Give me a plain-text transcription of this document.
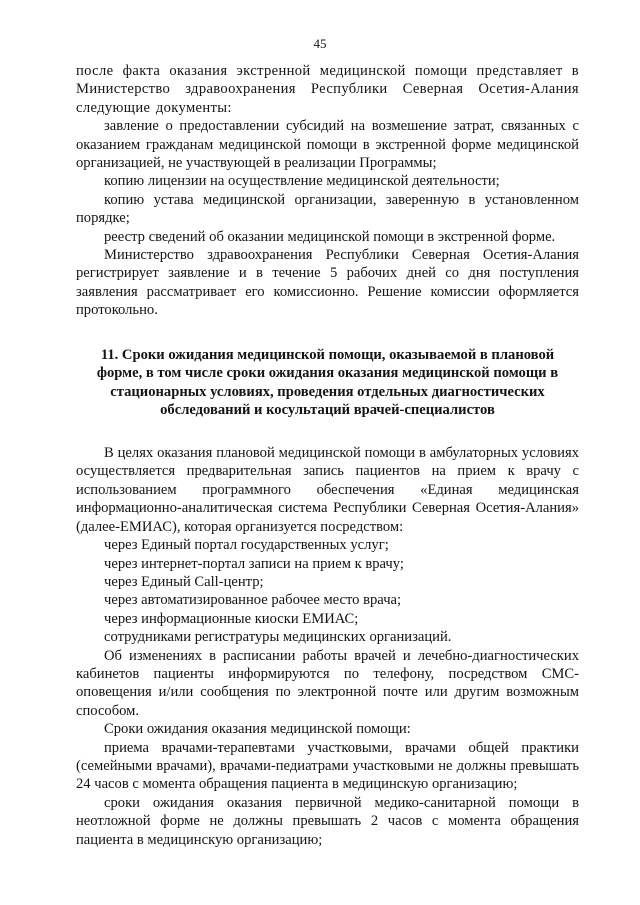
45

после факта оказания экстренной медицинской помощи представляет в Министерство здравоохранения Республики Северная Осетия-Алания следующие документы:

завление о предоставлении субсидий на возмешение затрат, связанных с оказанием гражданам медицинской помощи в экстренной форме медицинской организацией, не участвующей в реализации Программы;

копию лицензии на осуществление медицинской деятельности;

копию устава медицинской организации, заверенную в установленном порядке;

реестр сведений об оказании медицинской помощи в экстренной форме.

Министерство здравоохранения Республики Северная Осетия-Алания регистрирует заявление и в течение 5 рабочих дней со дня поступления заявления рассматривает его комиссионно. Решение комиссии оформляется протокольно.

11. Сроки ожидания медицинской помощи, оказываемой в плановой форме, в том числе сроки ожидания оказания медицинской помощи в стационарных условиях, проведения отдельных диагностических обследований и косультаций врачей-специалистов

В целях оказания плановой медицинской помощи в амбулаторных условиях осуществляется предварительная запись пациентов на прием к врачу с использованием программного обеспечения «Единая медицинская информационно-аналитическая система Республики Северная Осетия-Алания» (далее-ЕМИАС), которая организуется посредством:

через Единый портал государственных услуг;

через интернет-портал записи на прием к врачу;

через Единый Call-центр;

через автоматизированное рабочее место врача;

через информационные киоски ЕМИАС;

сотрудниками регистратуры медицинских организаций.

Об изменениях в расписании работы врачей и лечебно-диагностических кабинетов пациенты информируются по телефону, посредством СМС-оповещения и/или сообщения по электронной почте или другим возможным способом.

Сроки ожидания оказания медицинской помощи:

приема врачами-терапевтами участковыми, врачами общей практики (семейными врачами), врачами-педиатрами участковыми не должны превышать 24 часов с момента обращения пациента в медицинскую организацию;

сроки ожидания оказания первичной медико-санитарной помощи в неотложной форме не должны превышать 2 часов с момента обращения пациента в медицинскую организацию;
